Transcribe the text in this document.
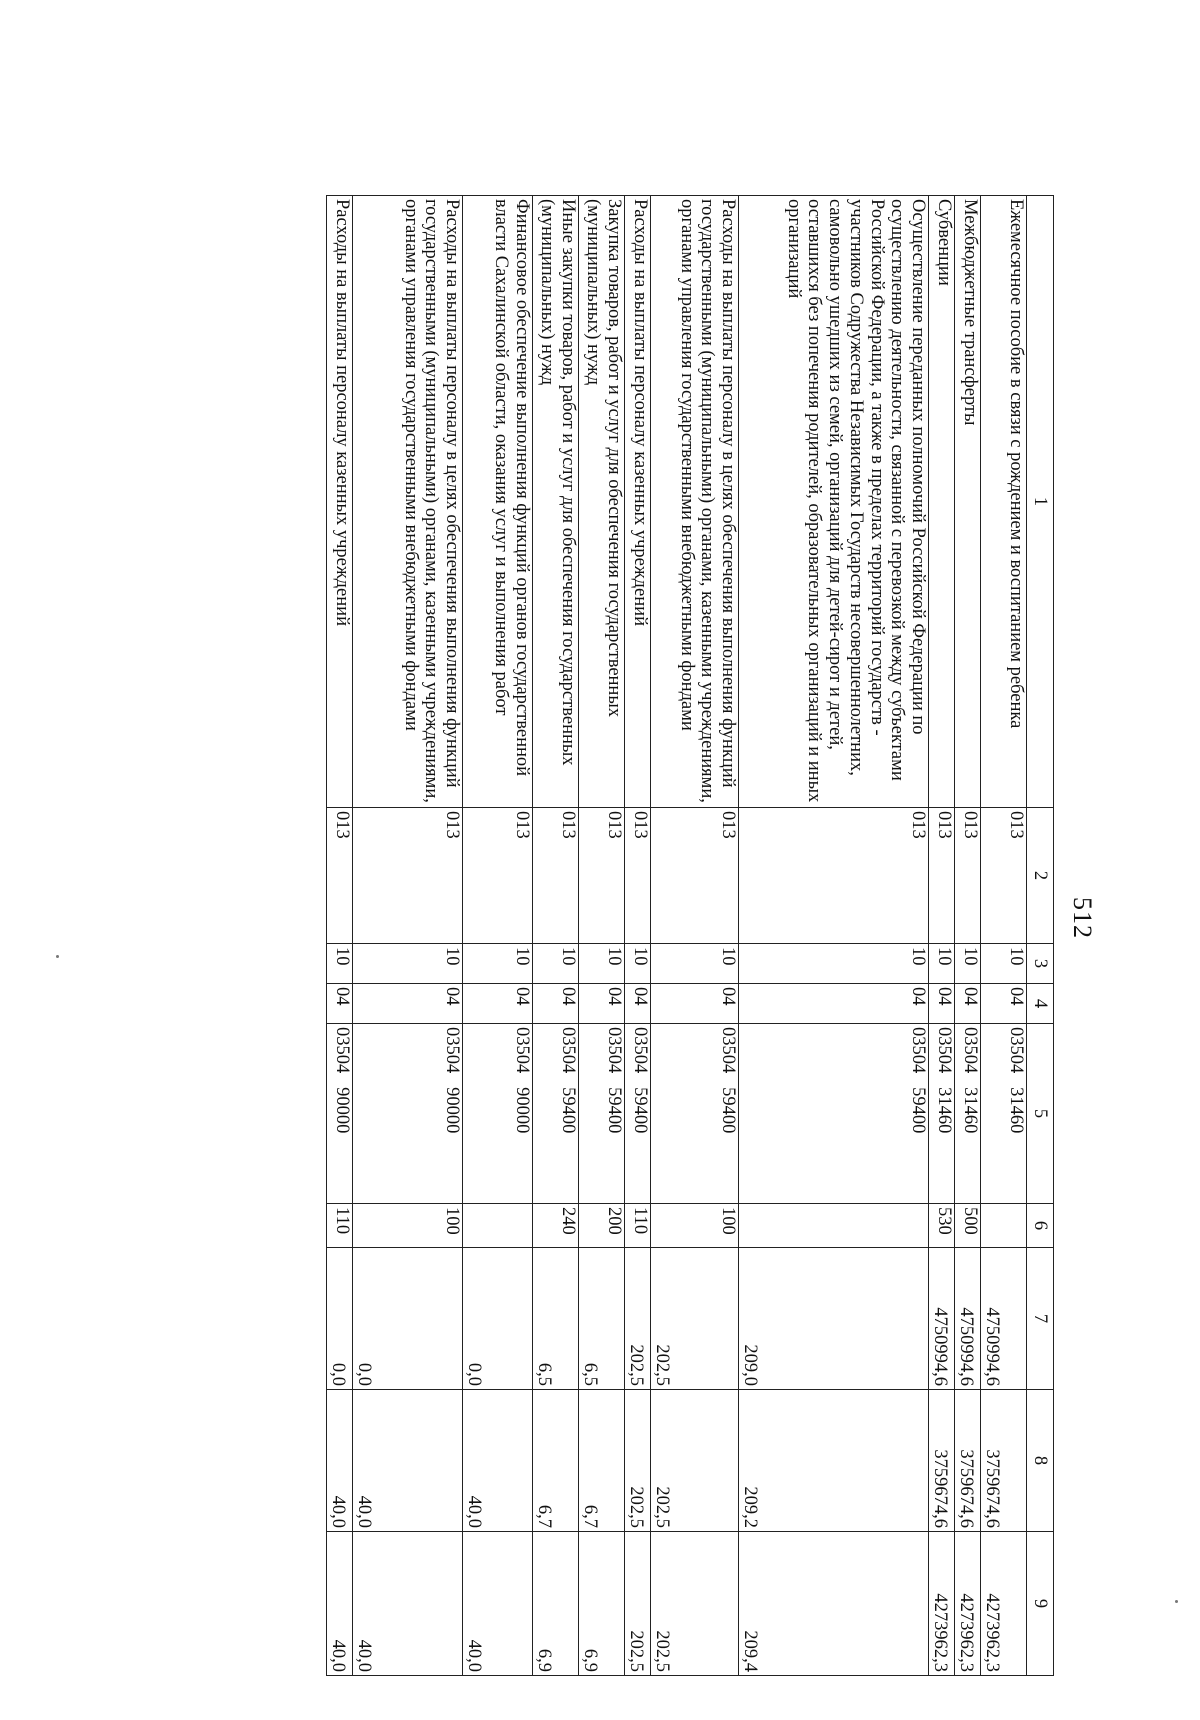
512
1	2	3	4	5	6	7	8	9
Ежемесячное пособие в связи с рождением и воспитанием ребенка	013	10	04	03504   31460		4750994,6	3759674,6	4273962,3
Межбюджетные трансферты	013	10	04	03504   31460	500	4750994,6	3759674,6	4273962,3
Субвенции	013	10	04	03504   31460	530	4750994,6	3759674,6	4273962,3
Осуществление переданных полномочий Российской Федерации по осуществлению деятельности, связанной с перевозкой между субъектами Российской Федерации, а также в пределах территорий государств - участников Содружества Независимых Государств несовершеннолетних, самовольно ушедших из семей, организаций для детей-сирот и детей, оставшихся без попечения родителей, образовательных организаций и иных организаций	013	10	04	03504   59400		209,0	209,2	209,4
Расходы на выплаты персоналу в целях обеспечения выполнения функций государственными (муниципальными) органами, казенными учреждениями, органами управления государственными внебюджетными фондами	013	10	04	03504   59400	100	202,5	202,5	202,5
Расходы на выплаты персоналу казенных учреждений	013	10	04	03504   59400	110	202,5	202,5	202,5
Закупка товаров, работ и услуг для обеспечения государственных (муниципальных) нужд	013	10	04	03504   59400	200	6,5	6,7	6,9
Иные закупки товаров, работ и услуг для обеспечения государственных (муниципальных) нужд	013	10	04	03504   59400	240	6,5	6,7	6,9
Финансовое обеспечение выполнения функций органов государственной власти Сахалинской области, оказания услуг и выполнения работ	013	10	04	03504   90000		0,0	40,0	40,0
Расходы на выплаты персоналу в целях обеспечения выполнения функций государственными (муниципальными) органами, казенными учреждениями, органами управления государственными внебюджетными фондами	013	10	04	03504   90000	100	0,0	40,0	40,0
Расходы на выплаты персоналу казенных учреждений	013	10	04	03504   90000	110	0,0	40,0	40,0
